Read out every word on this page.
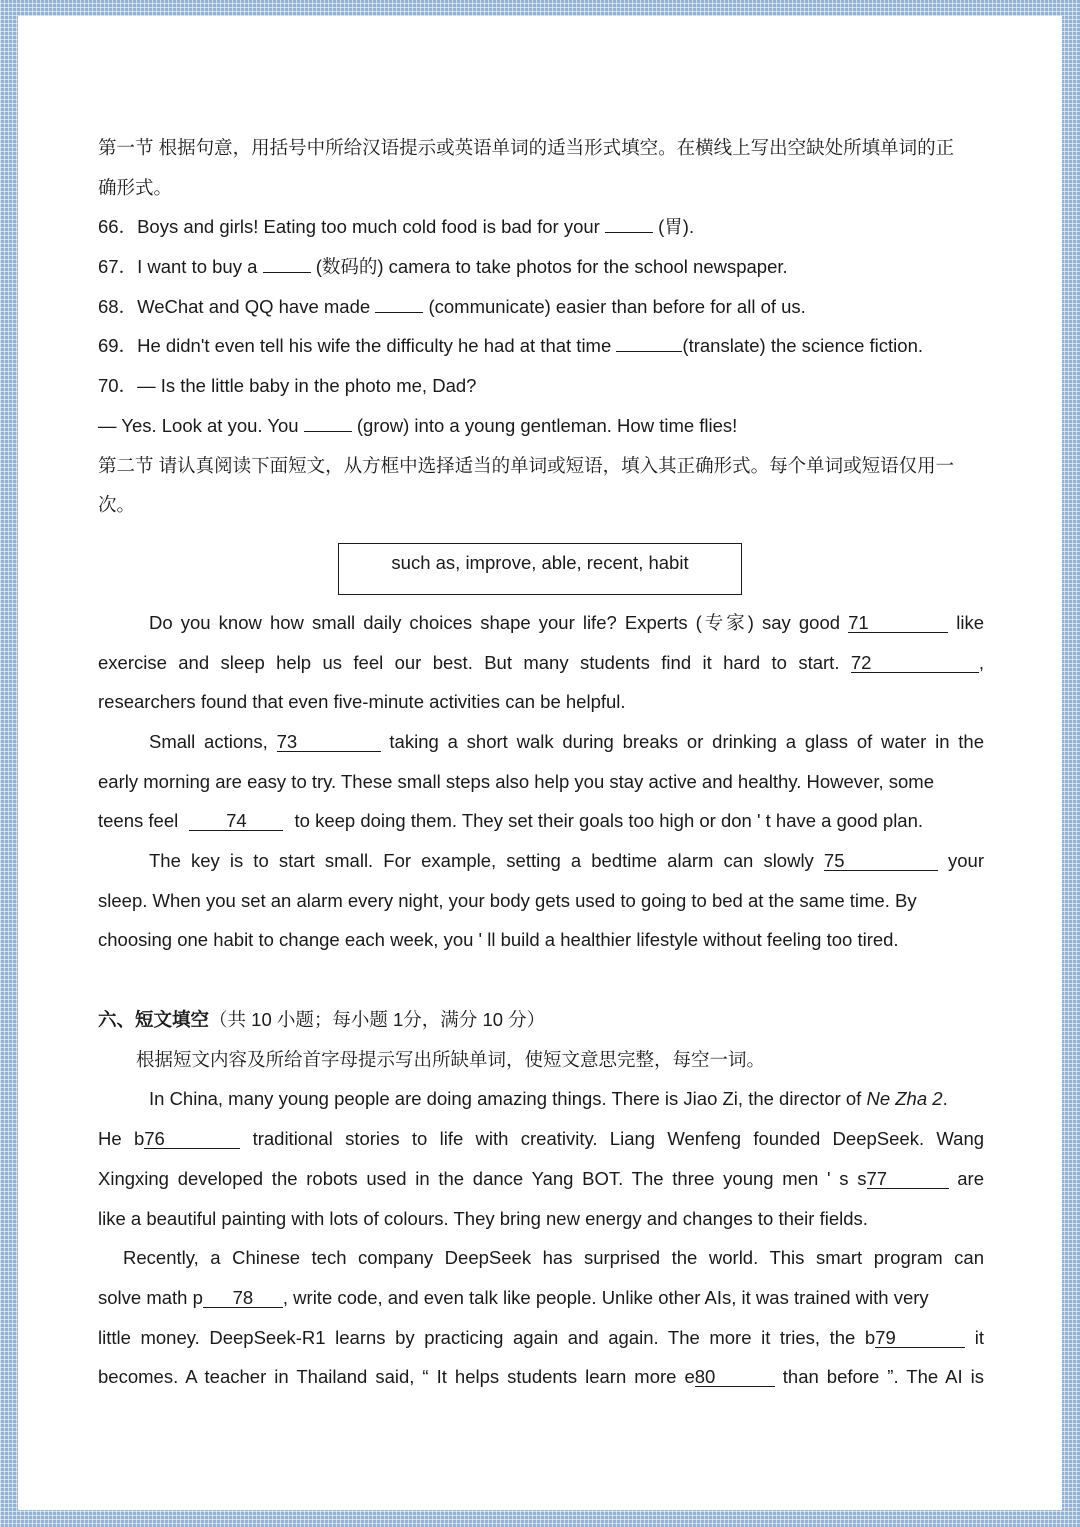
第一节 根据句意，用括号中所给汉语提示或英语单词的适当形式填空。在横线上写出空缺处所填单词的正
确形式。
66．Boys and girls! Eating too much cold food is bad for your	(胃).
67．I want to buy a	(数码的) camera to take photos for the school newspaper.
68．WeChat and QQ have made	(communicate) easier than before for all of us.
69．He didn't even tell his wife the difficulty he had at that time	(translate) the science fiction.
70．— Is the little baby in the photo me, Dad?
— Yes. Look at you. You	(grow) into a young gentleman. How time flies!
第二节 请认真阅读下面短文，从方框中选择适当的单词或短语，填入其正确形式。每个单词或短语仅用一
次。
such as, improve, able, recent, habit
Do you know how small daily choices shape your life? Experts (专家) say good 71	like
exercise and sleep help us feel our best. But many students find it hard to start. 72	,
researchers found that even five-minute activities can be helpful.
Small actions, 73	taking a short walk during breaks or drinking a glass of water in the
early morning are easy to try. These small steps also help you stay active and healthy. However, some
teens feel	74	to keep doing them. They set their goals too high or don ' t have a good plan.
The key is to start small. For example, setting a bedtime alarm can slowly 75	your
sleep. When you set an alarm every night, your body gets used to going to bed at the same time. By
choosing one habit to change each week, you ' ll build a healthier lifestyle without feeling too tired.
六、短文填空（共 10 小题；每小题 1分，满分 10 分）
根据短文内容及所给首字母提示写出所缺单词，使短文意思完整，每空一词。
In China, many young people are doing amazing things. There is Jiao Zi, the director of Ne Zha 2.
He b76	traditional stories to life with creativity. Liang Wenfeng founded DeepSeek. Wang
Xingxing developed the robots used in the dance Yang BOT. The three young men ' s s77	are
like a beautiful painting with lots of colours. They bring new energy and changes to their fields.
Recently, a Chinese tech company DeepSeek has surprised the world. This smart program can
solve math p 78 , write code, and even talk like people. Unlike other AIs, it was trained with very
little money. DeepSeek-R1 learns by practicing again and again. The more it tries, the b79	it
becomes. A teacher in Thailand said, “ It helps students learn more e80	than before ”. The AI is
